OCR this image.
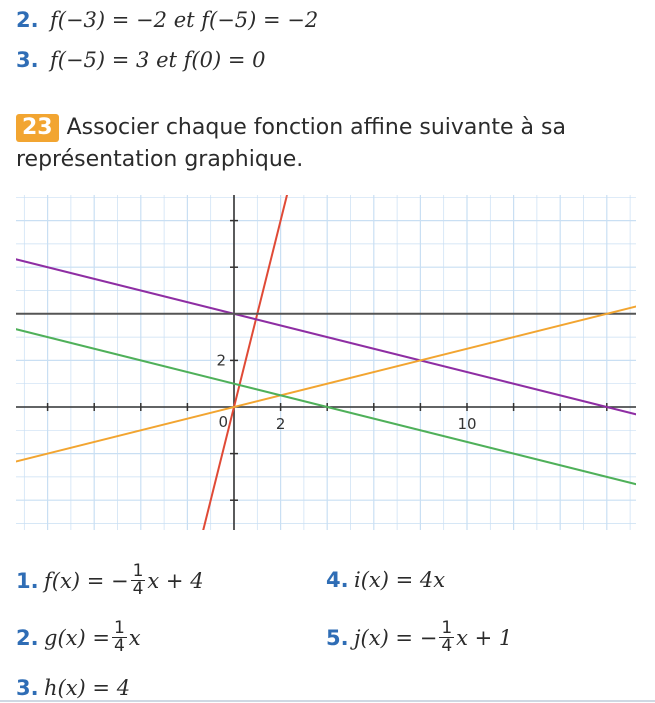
2. f(−3) = −2 et f(−5) = −2
3. f(−5) = 3 et f(0) = 0
23 Associer chaque fonction affine suivante à sa représentation graphique.
2	10
2
0
1. f(x) = − $\frac{1}{4}$ x + 4
2. $g(x) = \frac{1}{4}$ x
3. h(x) = 4
4. i(x) = 4x
5. j(x) = − $\frac{1}{4}$ x + 1
